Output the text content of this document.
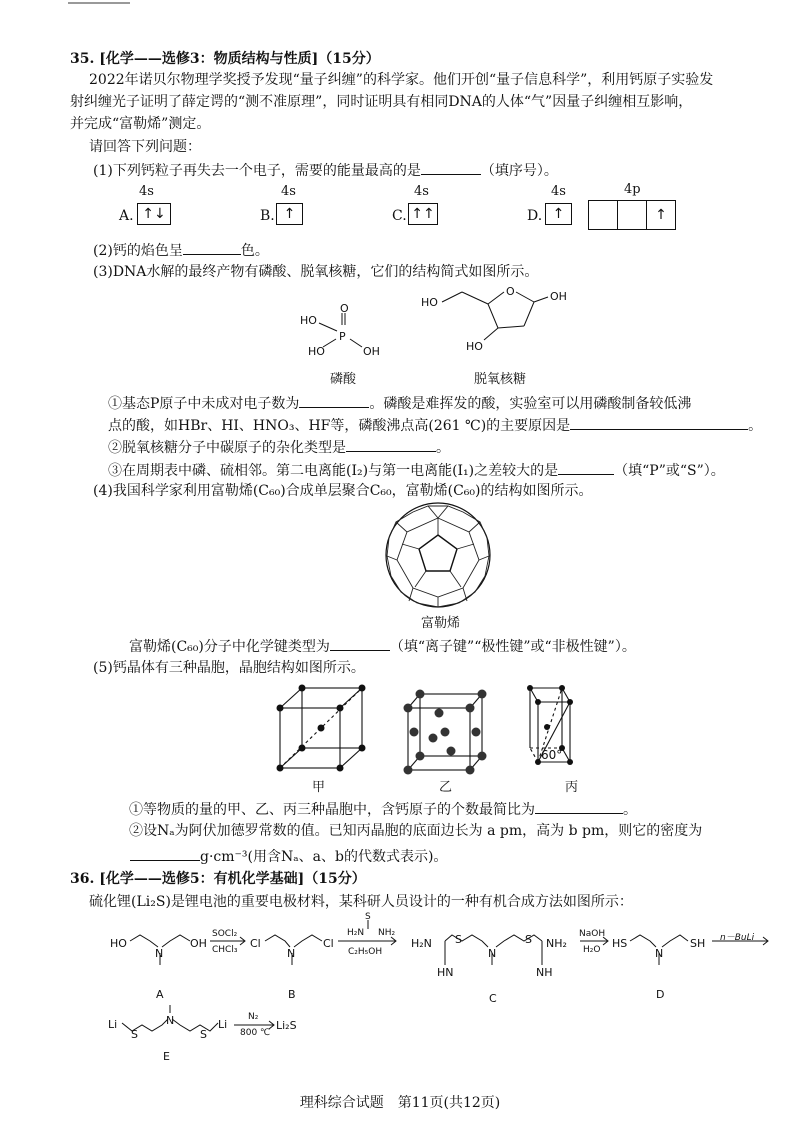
35. [化学——选修3：物质结构与性质]（15分）
2022年诺贝尔物理学奖授予发现“量子纠缠”的科学家。他们开创“量子信息科学”，利用钙原子实验发
射纠缠光子证明了薛定谔的“测不准原理”，同时证明具有相同DNA的人体“气”因量子纠缠相互影响，
并完成“富勒烯”测定。
请回答下列问题：
(1)下列钙粒子再失去一个电子，需要的能量最高的是	（填序号）。
4s	4s	4s	4s	4p
A. ↑↓	B. ↑	C. ↑↑	D. ↑	↑
(2)钙的焰色呈	色。
(3)DNA水解的最终产物有磷酸、脱氧核糖，它们的结构简式如图所示。
O
HO
P
HO	OH
磷酸
HO
O	OH
HO
脱氧核糖
①基态P原子中未成对电子数为	。磷酸是难挥发的酸，实验室可以用磷酸制备较低沸
点的酸，如HBr、HI、HNO₃、HF等，磷酸沸点高(261 ℃)的主要原因是	。
②脱氧核糖分子中碳原子的杂化类型是	。
③在周期表中磷、硫相邻。第二电离能(I₂)与第一电离能(I₁)之差较大的是	（填“P”或“S”）。
(4)我国科学家利用富勒烯(C₆₀)合成单层聚合C₆₀，富勒烯(C₆₀)的结构如图所示。
富勒烯
富勒烯(C₆₀)分子中化学键类型为	（填“离子键”“极性键”或“非极性键”）。
(5)钙晶体有三种晶胞，晶胞结构如图所示。
60°
甲	乙	丙
①等物质的量的甲、乙、丙三种晶胞中，含钙原子的个数最简比为	。
②设Nₐ为阿伏加德罗常数的值。已知丙晶胞的底面边长为 a pm，高为 b pm，则它的密度为
g·cm⁻³(用含Nₐ、a、b的代数式表示)。
36. [化学——选修5：有机化学基础]（15分）
硫化锂(Li₂S)是锂电池的重要电极材料，某科研人员设计的一种有机合成方法如图所示：
HO	OH
N
A
SOCl₂
CHCl₃ Cl	Cl
N
B
S
H₂N NH₂
C₂H₅OH
H₂N S	S NH₂
N
HN	NH
C
NaOH
H₂O HS	SH
N
D
n－BuLi
Li
S
N
S
Li
E
N₂
800 ℃
Li₂S
理科综合试题　第11页(共12页)
